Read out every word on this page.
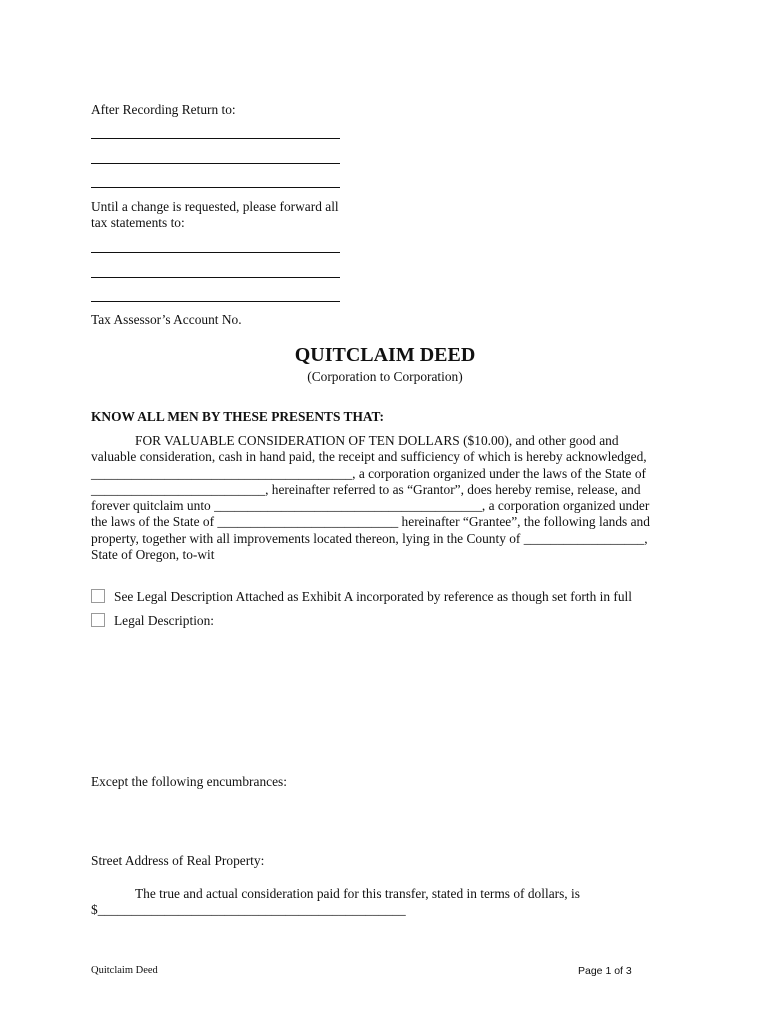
After Recording Return to:
Until a change is requested, please forward all
tax statements to:
Tax Assessor’s Account No.
QUITCLAIM DEED
(Corporation to Corporation)
KNOW ALL MEN BY THESE PRESENTS THAT:
FOR VALUABLE CONSIDERATION OF TEN DOLLARS ($10.00), and other good and
valuable consideration, cash in hand paid, the receipt and sufficiency of which is hereby acknowledged,
_______________________________________, a corporation organized under the laws of the State of
__________________________, hereinafter referred to as “Grantor”, does hereby remise, release, and
forever quitclaim unto ________________________________________, a corporation organized under
the laws of the State of ___________________________ hereinafter “Grantee”, the following lands and
property, together with all improvements located thereon, lying in the County of __________________,
State of Oregon, to-wit
See Legal Description Attached as Exhibit A incorporated by reference as though set forth in full
Legal Description:
Except the following encumbrances:
Street Address of Real Property:
The true and actual consideration paid for this transfer, stated in terms of dollars, is
$______________________________________________
Quitclaim Deed	Page 1 of 3
